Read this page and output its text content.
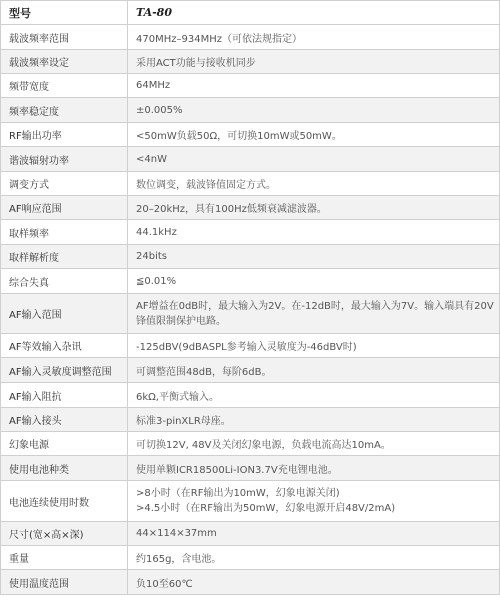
型号	TA-80
载波频率范围	470MHz–934MHz（可依法规指定）
载波频率设定	采用ACT功能与接收机同步
频带宽度	64MHz
频率稳定度	±0.005%
RF输出功率	<50mW负载50Ω，可切换10mW或50mW。
谐波辐射功率	<4nW
调变方式	数位调变，载波锋值固定方式。
AF响应范围	20–20kHz，具有100Hz低频衰减滤波器。
取样频率	44.1kHz
取样解析度	24bits
综合失真	≦0.01%
AF输入范围	AF增益在0dB时，最大输入为2V。在-12dB时，最大输入为7V。输入端具有20V锋值限制保护电路。
AF等效输入杂讯	-125dBV(9dBASPL参考输入灵敏度为-46dBV时)
AF输入灵敏度调整范围	可调整范围48dB，每阶6dB。
AF输入阻抗	6kΩ,平衡式输入。
AF输入接头	标准3-pinXLR母座。
幻象电源	可切换12V, 48V及关闭幻象电源，负载电流高达10mA。
使用电池种类	使用单颗ICR18500Li-ION3.7V充电锂电池。
电池连续使用时数	>8小时（在RF输出为10mW，幻象电源关闭)
>4.5小时（在RF输出为50mW，幻象电源开启48V/2mA)
尺寸(宽×高×深)	44×114×37mm
重量	约165g，含电池。
使用温度范围	负10至60℃
